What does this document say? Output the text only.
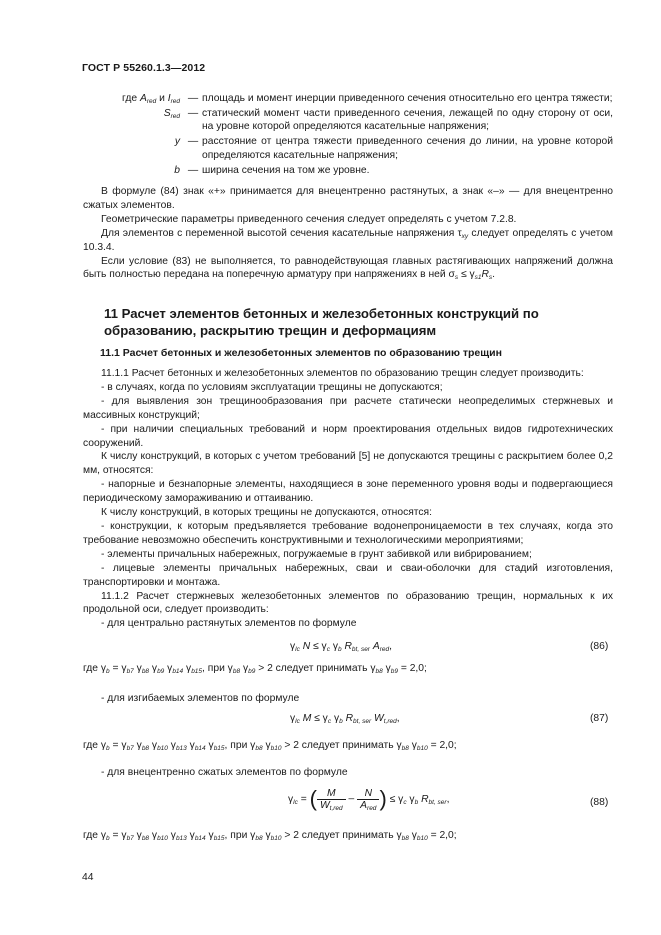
ГОСТ Р 55260.1.3—2012
где $A_{red}$ и $I_{red}$ — площадь и момент инерции приведенного сечения относительно его центра тяжести;
$S_{red}$ — статический момент части приведенного сечения, лежащей по одну сторону от оси, на уровне которой определяются касательные напряжения;
y — расстояние от центра тяжести приведенного сечения до линии, на уровне которой определяются касательные напряжения;
b — ширина сечения на том же уровне.

В формуле (84) знак «+» принимается для внецентренно растянутых, а знак «–» — для внецентренно сжатых элементов.

Геометрические параметры приведенного сечения следует определять с учетом 7.2.8.

Для элементов с переменной высотой сечения касательные напряжения $\tau_{xy}$ следует определять с учетом 10.3.4.

Если условие (83) не выполняется, то равнодействующая главных растягивающих напряжений должна быть полностью передана на поперечную арматуру при напряжениях в ней $\sigma_s \le \gamma_{s1}R_s$.

11 Расчет элементов бетонных и железобетонных конструкций по образованию, раскрытию трещин и деформациям
11.1 Расчет бетонных и железобетонных элементов по образованию трещин

11.1.1 Расчет бетонных и железобетонных элементов по образованию трещин следует производить:

- в случаях, когда по условиям эксплуатации трещины не допускаются;

- для выявления зон трещинообразования при расчете статически неопределимых стержневых и массивных конструкций;

- при наличии специальных требований и норм проектирования отдельных видов гидротехнических сооружений.

К числу конструкций, в которых с учетом требований [5] не допускаются трещины с раскрытием более 0,2 мм, относятся:

- напорные и безнапорные элементы, находящиеся в зоне переменного уровня воды и подвергающиеся периодическому замораживанию и оттаиванию.

К числу конструкций, в которых трещины не допускаются, относятся:

- конструкции, к которым предъявляется требование водонепроницаемости в тех случаях, когда это требование невозможно обеспечить конструктивными и технологическими мероприятиями;

- элементы причальных набережных, погружаемые в грунт забивкой или вибрированием;

- лицевые элементы причальных набережных, сваи и сваи-оболочки для стадий изготовления, транспортировки и монтажа.

11.1.2 Расчет стержневых железобетонных элементов по образованию трещин, нормальных к их продольной оси, следует производить:

- для центрально растянутых элементов по формуле

$\gamma_{lc}$ $N \le \gamma_c$ $\gamma_b$ $R_{bt, ser}$ $A_{red}$,	(86)
где $\gamma_b = \gamma_{b7}$ $\gamma_{b8}$ $\gamma_{b9}$ $\gamma_{b14}$ $\gamma_{b15}$, при $\gamma_{b8}$ $\gamma_{b9} > 2$ следует принимать $\gamma_{b8}$ $\gamma_{b9} = 2,0$;
- для изгибаемых элементов по формуле
$\gamma_{lc}$ $M \le \gamma_c$ $\gamma_b$ $R_{bt, ser}$ $W_{t,red}$,	(87)
где $\gamma_b = \gamma_{b7}$ $\gamma_{b8}$ $\gamma_{b10}$ $\gamma_{b13}$ $\gamma_{b14}$ $\gamma_{b15}$, при $\gamma_{b8}$ $\gamma_{b10} > 2$ следует принимать $\gamma_{b8}$ $\gamma_{b10} = 2,0$;
- для внецентренно сжатых элементов по формуле
$\gamma_{lc}$ = ( $\frac{M}{W_{t,red}} - \frac{N}{A_{red}}$ ) ≤ $\gamma_c$ $\gamma_b$ $R_{bt, ser}$,	(88)
где $\gamma_b = \gamma_{b7}$ $\gamma_{b8}$ $\gamma_{b10}$ $\gamma_{b13}$ $\gamma_{b14}$ $\gamma_{b15}$, при $\gamma_{b8}$ $\gamma_{b10} > 2$ следует принимать $\gamma_{b8}$ $\gamma_{b10} = 2,0$;
44
